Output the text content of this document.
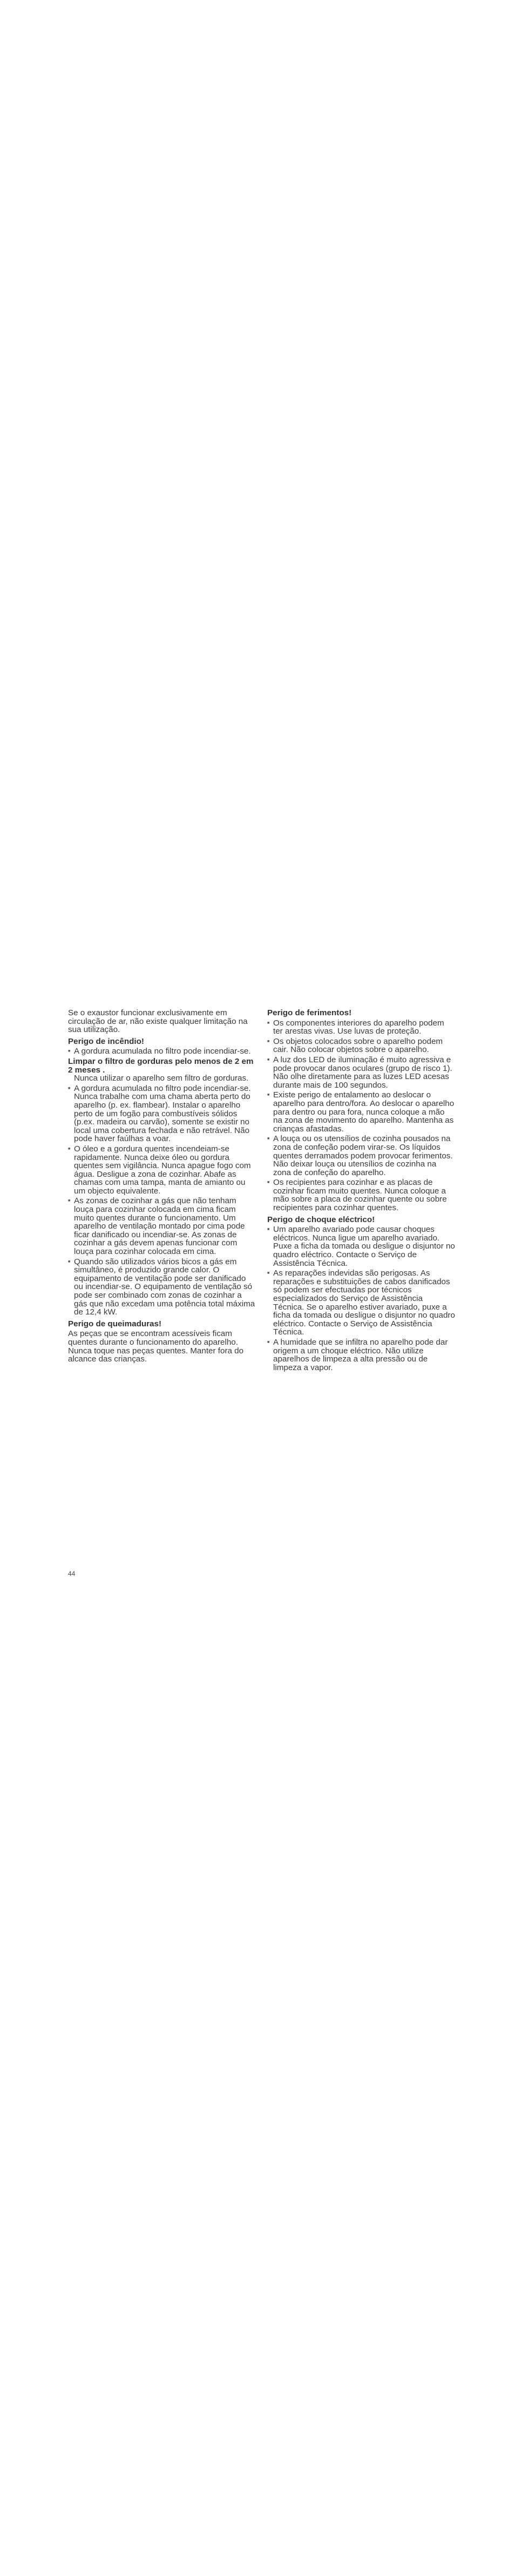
Se o exaustor funcionar exclusivamente em circulação de ar, não existe qualquer limitação na sua utilização.

Perigo de incêndio!

■ A gordura acumulada no filtro pode incendiar-se.

Limpar o filtro de gorduras pelo menos de 2 em 2 meses .

Nunca utilizar o aparelho sem filtro de gorduras.

■ A gordura acumulada no filtro pode incendiar-se. Nunca trabalhe com uma chama aberta perto do aparelho (p. ex. flambear). Instalar o aparelho perto de um fogão para combustíveis sólidos (p.ex. madeira ou carvão), somente se existir no local uma cobertura fechada e não retrável. Não pode haver faúlhas a voar.
■ O óleo e a gordura quentes incendeiam-se rapidamente. Nunca deixe óleo ou gordura quentes sem vigilância. Nunca apague fogo com água. Desligue a zona de cozinhar. Abafe as chamas com uma tampa, manta de amianto ou um objecto equivalente.
■ As zonas de cozinhar a gás que não tenham louça para cozinhar colocada em cima ficam muito quentes durante o funcionamento. Um aparelho de ventilação montado por cima pode ficar danificado ou incendiar-se. As zonas de cozinhar a gás devem apenas funcionar com louça para cozinhar colocada em cima.
■ Quando são utilizados vários bicos a gás em simultâneo, é produzido grande calor. O equipamento de ventilação pode ser danificado ou incendiar-se. O equipamento de ventilação só pode ser combinado com zonas de cozinhar a gás que não excedam uma potência total máxima de 12,4 kW.

Perigo de queimaduras!

As peças que se encontram acessíveis ficam quentes durante o funcionamento do aparelho. Nunca toque nas peças quentes. Manter fora do alcance das crianças.

Perigo de ferimentos!

■ Os componentes interiores do aparelho podem ter arestas vivas. Use luvas de proteção.
■ Os objetos colocados sobre o aparelho podem cair. Não colocar objetos sobre o aparelho.
■ A luz dos LED de iluminação é muito agressiva e pode provocar danos oculares (grupo de risco 1). Não olhe diretamente para as luzes LED acesas durante mais de 100 segundos.
■ Existe perigo de entalamento ao deslocar o aparelho para dentro/fora. Ao deslocar o aparelho para dentro ou para fora, nunca coloque a mão na zona de movimento do aparelho. Mantenha as crianças afastadas.
■ A louça ou os utensílios de cozinha pousados na zona de confeção podem virar-se. Os líquidos quentes derramados podem provocar ferimentos. Não deixar louça ou utensílios de cozinha na zona de confeção do aparelho.
■ Os recipientes para cozinhar e as placas de cozinhar ficam muito quentes. Nunca coloque a mão sobre a placa de cozinhar quente ou sobre recipientes para cozinhar quentes.

Perigo de choque eléctrico!

■ Um aparelho avariado pode causar choques eléctricos. Nunca ligue um aparelho avariado. Puxe a ficha da tomada ou desligue o disjuntor no quadro eléctrico. Contacte o Serviço de Assistência Técnica.
■ As reparações indevidas são perigosas. As reparações e substituições de cabos danificados só podem ser efectuadas por técnicos especializados do Serviço de Assistência Técnica. Se o aparelho estiver avariado, puxe a ficha da tomada ou desligue o disjuntor no quadro eléctrico. Contacte o Serviço de Assistência Técnica.
■ A humidade que se infiltra no aparelho pode dar origem a um choque eléctrico. Não utilize aparelhos de limpeza a alta pressão ou de limpeza a vapor.
44
